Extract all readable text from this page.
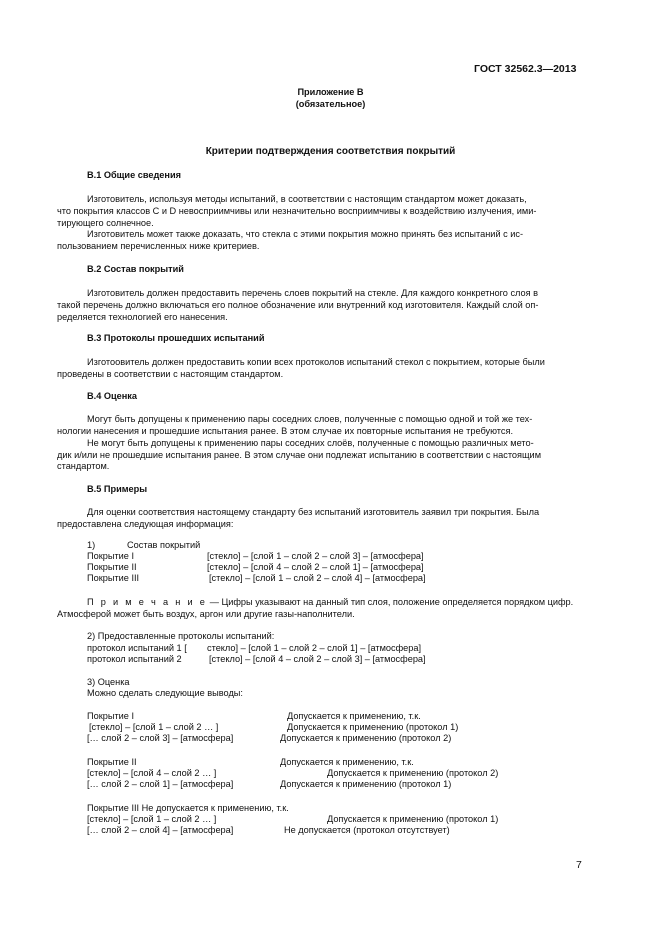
ГОСТ 32562.3—2013
Приложение В
(обязательное)
Критерии подтверждения соответствия покрытий
В.1 Общие сведения
Изготовитель, используя методы испытаний, в соответствии с настоящим стандартом может доказать,
что покрытия классов С и D невосприимчивы или незначительно восприимчивы к воздействию излучения, ими-
тирующего солнечное.
Изготовитель может также доказать, что стекла с этими покрытия можно принять без испытаний с ис-
пользованием перечисленных ниже критериев.
В.2 Состав покрытий
Изготовитель должен предоставить перечень слоев покрытий на стекле. Для каждого конкретного слоя в
такой перечень должно включаться его полное обозначение или внутренний код изготовителя. Каждый слой оп-
ределяется технологией его нанесения.
В.3 Протоколы прошедших испытаний
Изготоовитель должен предоставить копии всех протоколов испытаний стекол с покрытием, которые были
проведены в соответствии с настоящим стандартом.
В.4 Оценка
Могут быть допущены к применению пары соседних слоев, полученные с помощью одной и той же тех-
нологии нанесения и прошедшие испытания ранее. В этом случае их повторные испытания не требуются.
Не могут быть допущены к применению пары соседних слоёв, полученные с помощью различных мето-
дик и/или не прошедшие испытания ранее. В этом случае они подлежат испытанию в соответствии с настоящим
стандартом.
В.5 Примеры
Для оценки соответствия настоящему стандарту без испытаний изготовитель заявил три покрытия. Была
предоставлена следующая информация:
1)	Состав покрытий
Покрытие I	[стекло] – [слой 1 – слой 2 – слой 3] – [атмосфера]
Покрытие II	[стекло] – [слой 4 – слой 2 – слой 1] – [атмосфера]
Покрытие III	[стекло] – [слой 1 – слой 2 – слой 4] – [атмосфера]
П р и м е ч а н и е — Цифры указывают на данный тип слоя, положение определяется порядком цифр.
Атмосферой может быть воздух, аргон или другие газы-наполнители.
2) Предоставленные протоколы испытаний:
протокол испытаний 1 [ стекло] – [слой 1 – слой 2 – слой 1] – [атмосфера]
протокол испытаний 2	[стекло] – [слой 4 – слой 2 – слой 3] – [атмосфера]
3) Оценка
Можно сделать следующие выводы:
Покрытие I	Допускается к применению, т.к.
[стекло] – [слой 1 – слой 2 … ]	Допускается к применению (протокол 1)
[… слой 2 – слой 3] – [атмосфера]	Допускается к применению (протокол 2)
Покрытие II	Допускается к применению, т.к.
[стекло] – [слой 4 – слой 2 … ]	Допускается к применению (протокол 2)
[… слой 2 – слой 1] – [атмосфера]	Допускается к применению (протокол 1)
Покрытие III Не допускается к применению, т.к.
[стекло] – [слой 1 – слой 2 … ]	Допускается к применению (протокол 1)
[… слой 2 – слой 4] – [атмосфера]	Не допускается (протокол отсутствует)
7
